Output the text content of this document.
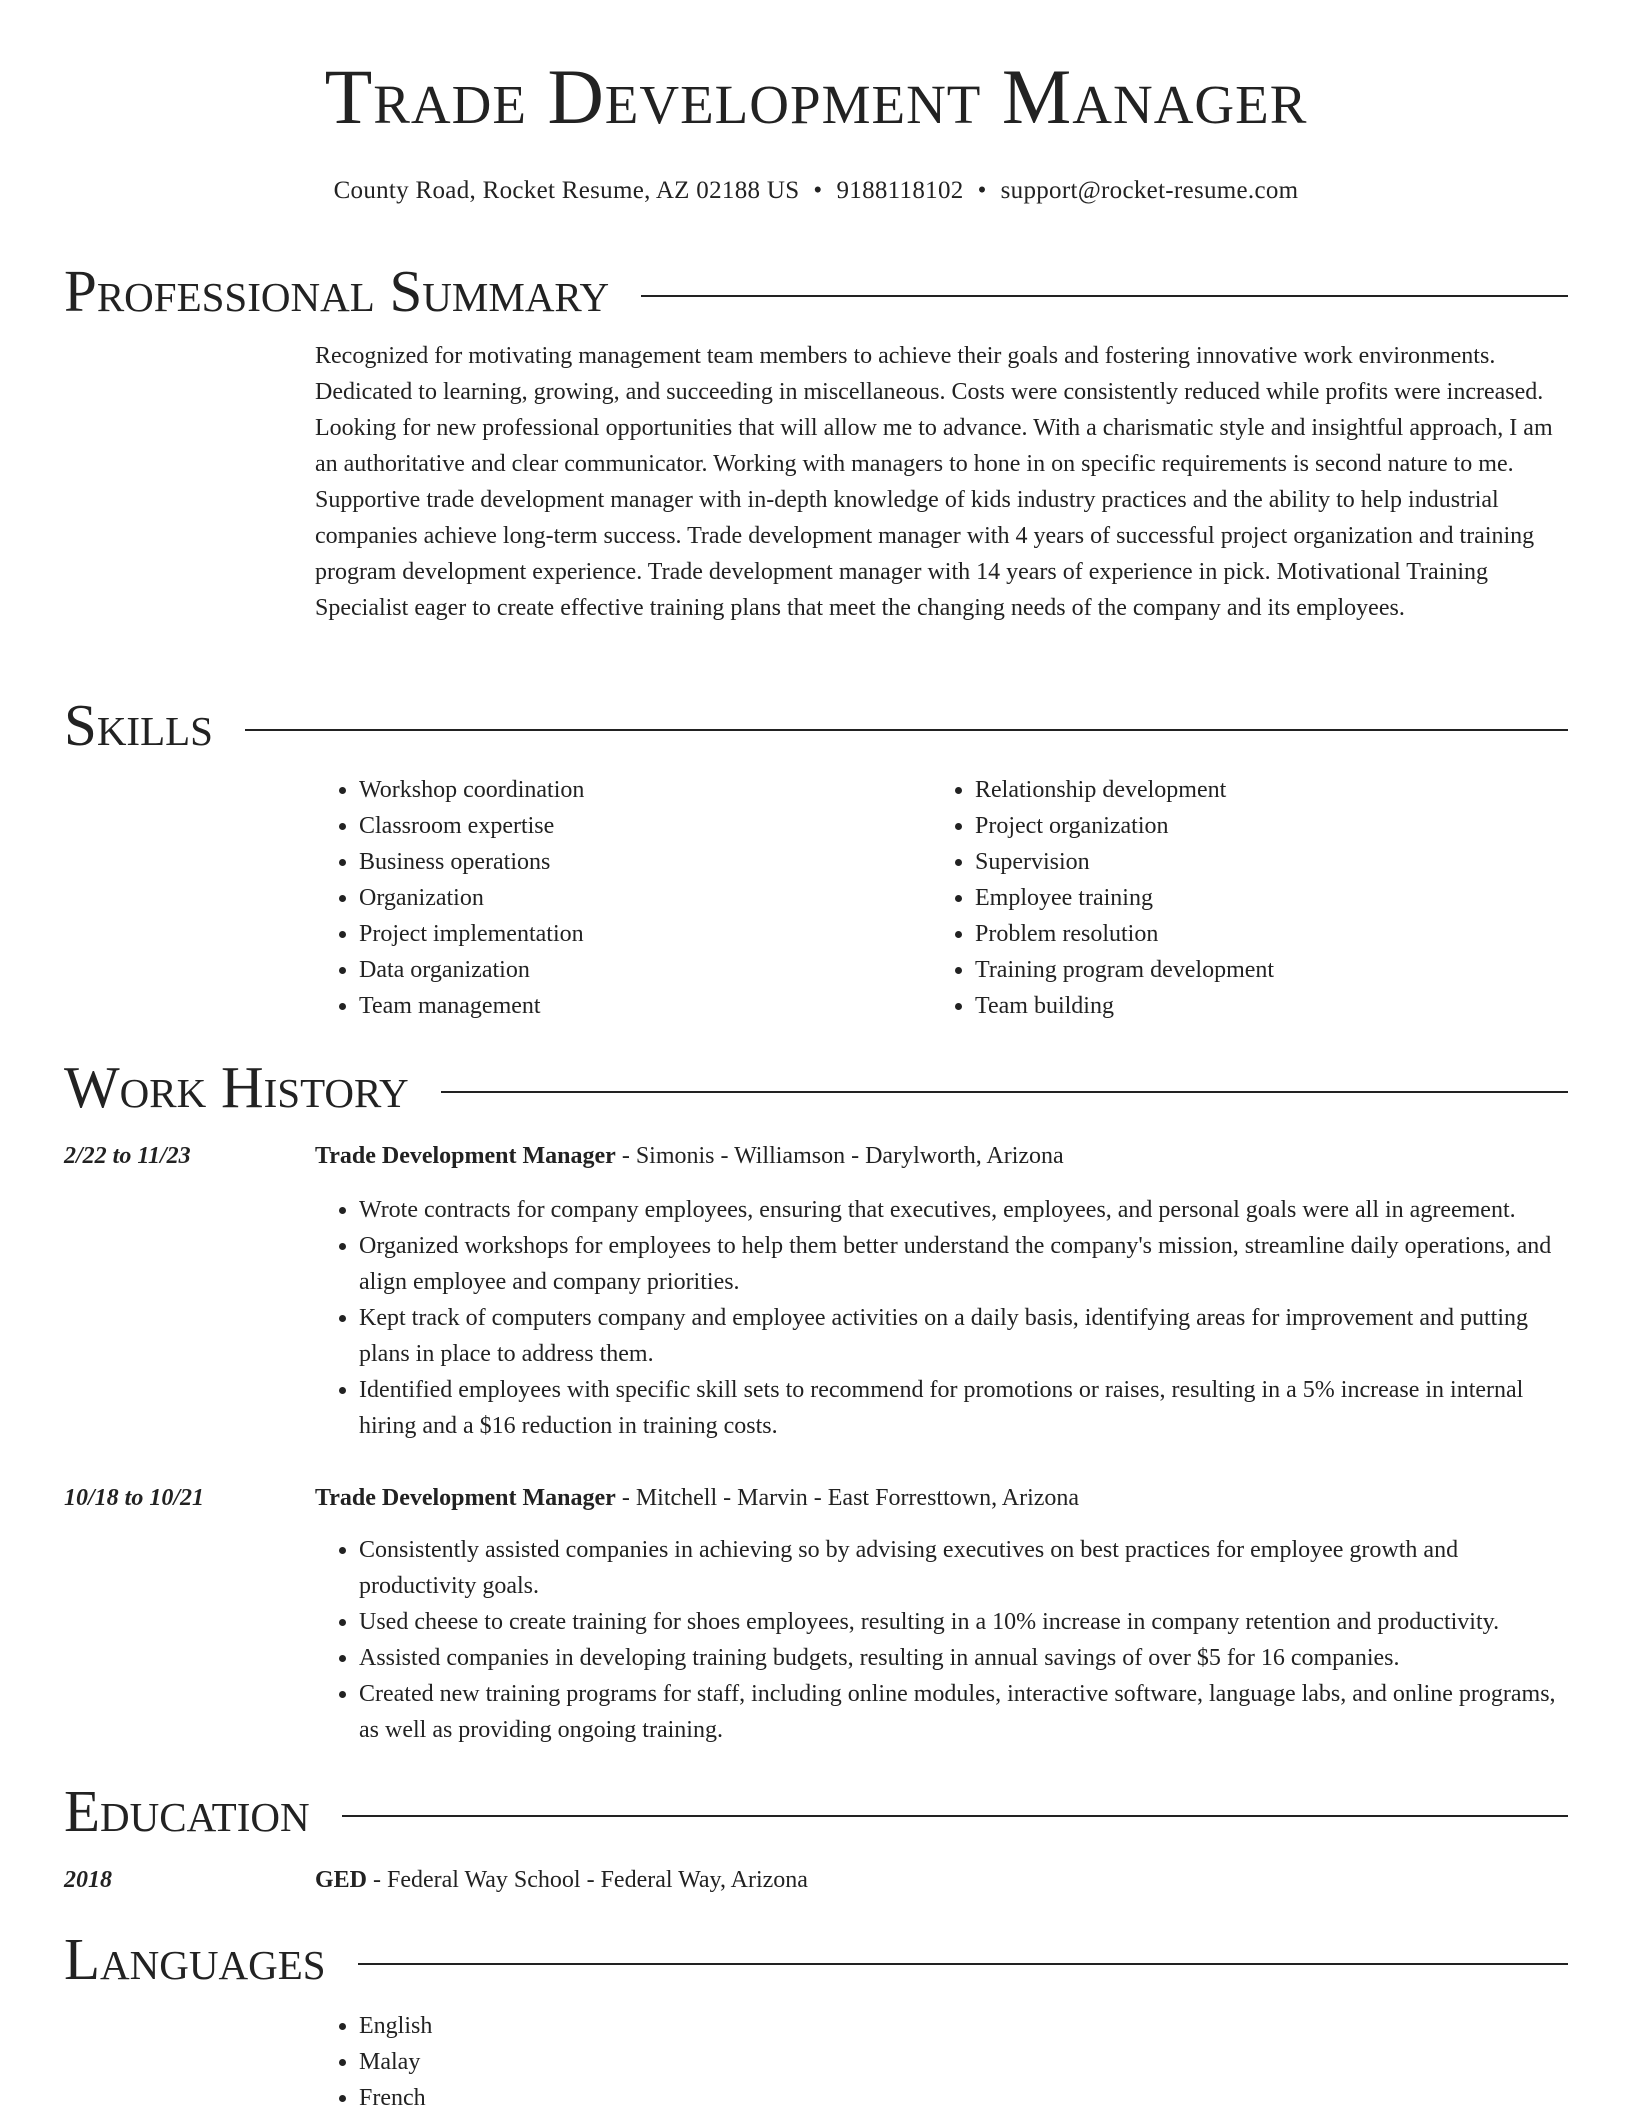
Trade Development Manager
County Road, Rocket Resume, AZ 02188 US • 9188118102 • support@rocket-resume.com
Professional Summary

Recognized for motivating management team members to achieve their goals and fostering innovative work environments. Dedicated to learning, growing, and succeeding in miscellaneous. Costs were consistently reduced while profits were increased. Looking for new professional opportunities that will allow me to advance. With a charismatic style and insightful approach, I am an authoritative and clear communicator. Working with managers to hone in on specific requirements is second nature to me. Supportive trade development manager with in-depth knowledge of kids industry practices and the ability to help industrial companies achieve long-term success. Trade development manager with 4 years of successful project organization and training program development experience. Trade development manager with 14 years of experience in pick. Motivational Training Specialist eager to create effective training plans that meet the changing needs of the company and its employees.

Skills
• Workshop coordination
• Classroom expertise
• Business operations
• Organization
• Project implementation
• Data organization
• Team management
• Relationship development
• Project organization
• Supervision
• Employee training
• Problem resolution
• Training program development
• Team building
Work History
2/22 to 11/23	Trade Development Manager - Simonis - Williamson - Darylworth, Arizona
• Wrote contracts for company employees, ensuring that executives, employees, and personal goals were all in agreement.
• Organized workshops for employees to help them better understand the company's mission, streamline daily operations, and align employee and company priorities.
• Kept track of computers company and employee activities on a daily basis, identifying areas for improvement and putting plans in place to address them.
• Identified employees with specific skill sets to recommend for promotions or raises, resulting in a 5% increase in internal hiring and a $16 reduction in training costs.
10/18 to 10/21	Trade Development Manager - Mitchell - Marvin - East Forresttown, Arizona
• Consistently assisted companies in achieving so by advising executives on best practices for employee growth and productivity goals.
• Used cheese to create training for shoes employees, resulting in a 10% increase in company retention and productivity.
• Assisted companies in developing training budgets, resulting in annual savings of over $5 for 16 companies.
• Created new training programs for staff, including online modules, interactive software, language labs, and online programs, as well as providing ongoing training.
Education
2018	GED - Federal Way School - Federal Way, Arizona
Languages
• English
• Malay
• French
